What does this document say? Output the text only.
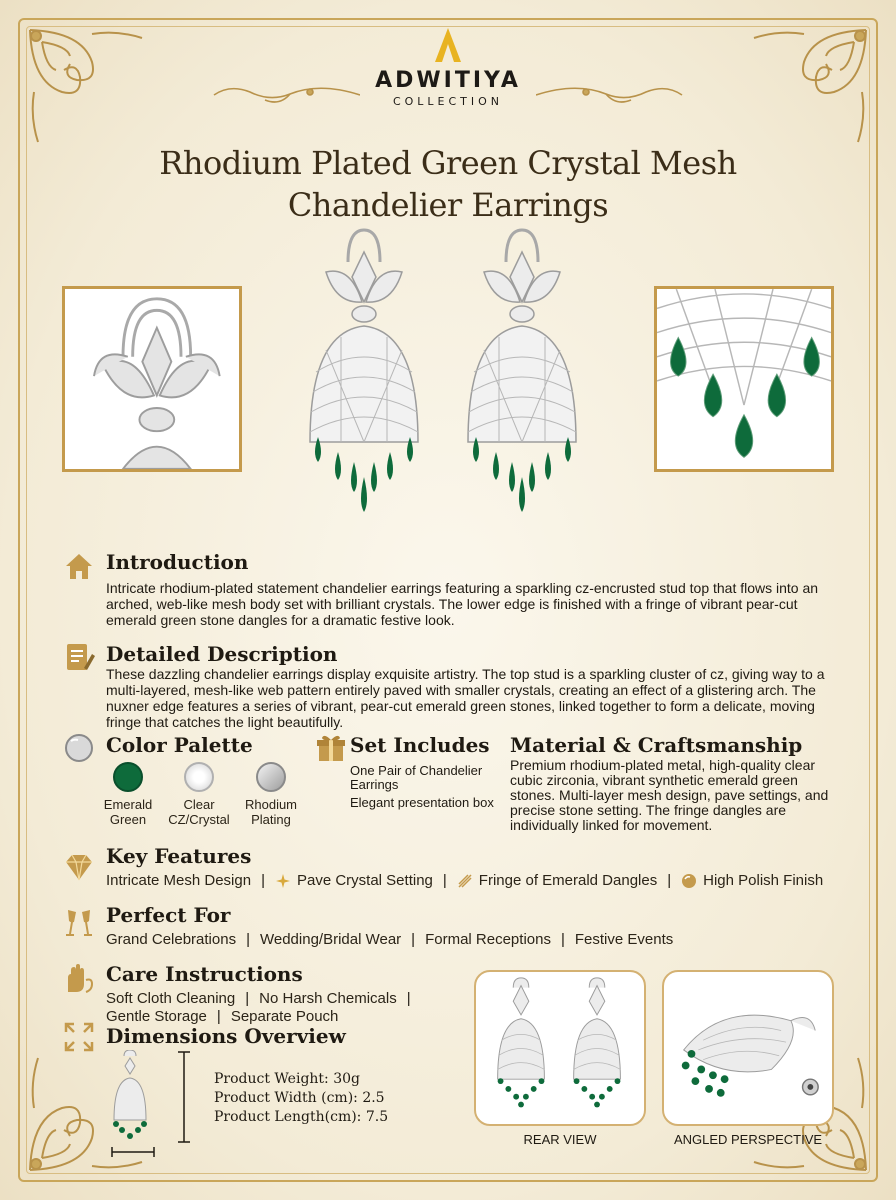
ADWITIYA
COLLECTION
Rhodium Plated Green Crystal Mesh
Chandelier Earrings
Introduction
Intricate rhodium-plated statement chandelier earrings featuring a sparkling cz-encrusted stud top that flows into an arched, web-like mesh body set with brilliant crystals. The lower edge is finished with a fringe of vibrant pear-cut emerald green stone dangles for a dramatic festive look.
Detailed Description
These dazzling chandelier earrings display exquisite artistry. The top stud is a sparkling cluster of cz, giving way to a multi-layered, mesh-like web pattern entirely paved with smaller crystals, creating an effect of a glistering arch. The nuxner edge features a series of vibrant, pear-cut emerald green stones, linked together to form a delicate, moving fringe that catches the light beautifully.
Color Palette
Emerald Green
Clear CZ/Crystal
Rhodium Plating
Set Includes
One Pair of Chandelier Earrings
Elegant presentation box
Material & Craftsmanship
Premium rhodium-plated metal, high-quality clear cubic zirconia, vibrant synthetic emerald green stones. Multi-layer mesh design, pave settings, and precise stone setting. The fringe dangles are individually linked for movement.
Key Features
Intricate Mesh Design | Pave Crystal Setting | Fringe of Emerald Dangles | High Polish Finish
Perfect For
Grand Celebrations | Wedding/Bridal Wear | Formal Receptions | Festive Events
Care Instructions
Soft Cloth Cleaning | No Harsh Chemicals |
Gentle Storage | Separate Pouch
Dimensions Overview
Product Weight: 30g
Product Width (cm): 2.5
Product Length(cm): 7.5
REAR VIEW	ANGLED PERSPECTIVE
